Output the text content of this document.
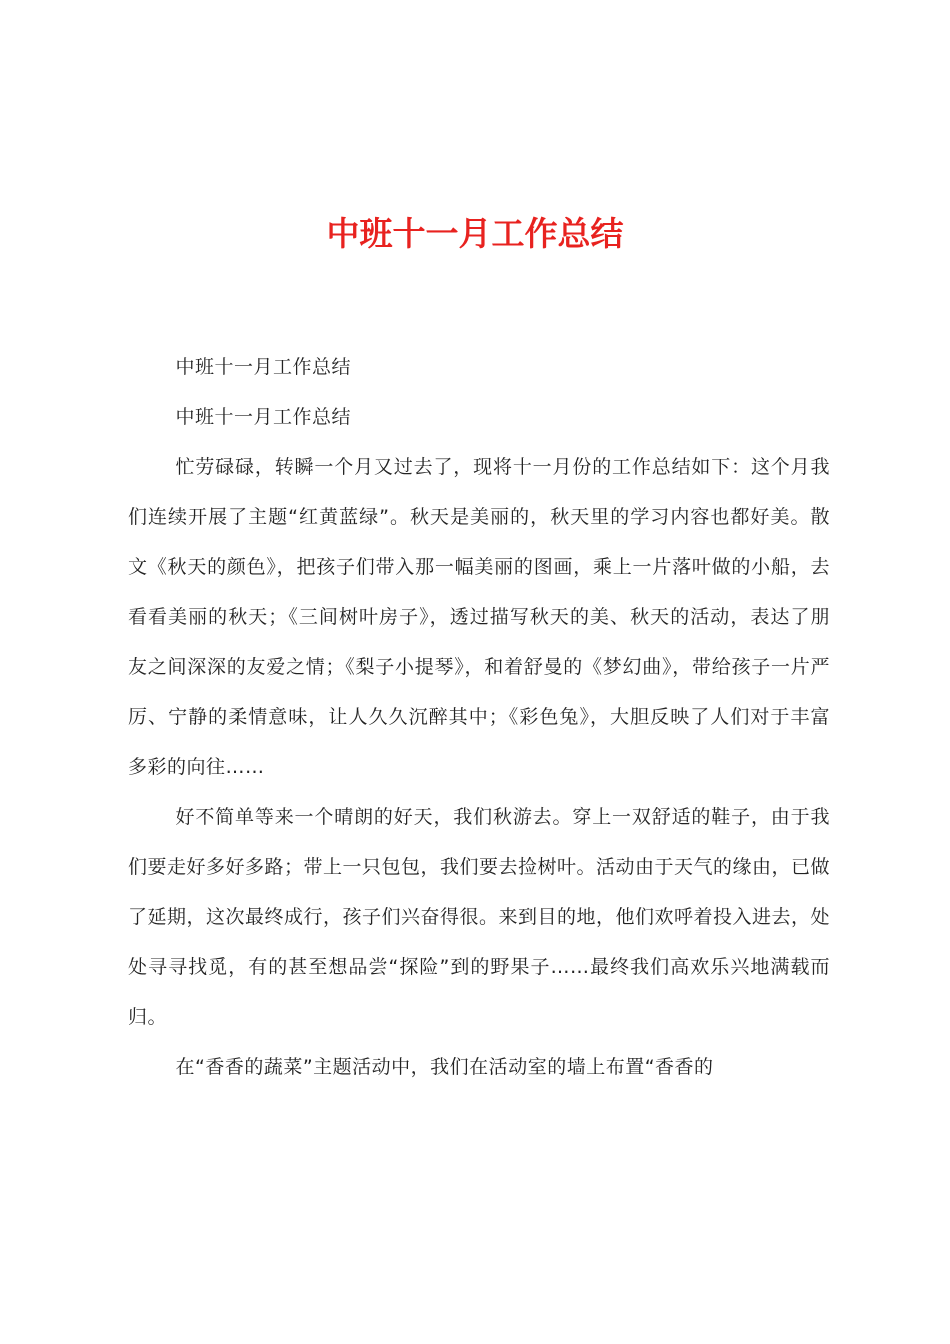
中班十一月工作总结

中班十一月工作总结

中班十一月工作总结

忙劳碌碌，转瞬一个月又过去了，现将十一月份的工作总结如下：这个月我们连续开展了主题“红黄蓝绿”。秋天是美丽的，秋天里的学习内容也都好美。散文《秋天的颜色》，把孩子们带入那一幅美丽的图画，乘上一片落叶做的小船，去看看美丽的秋天；《三间树叶房子》，透过描写秋天的美、秋天的活动，表达了朋友之间深深的友爱之情；《梨子小提琴》，和着舒曼的《梦幻曲》，带给孩子一片严厉、宁静的柔情意味，让人久久沉醉其中；《彩色兔》，大胆反映了人们对于丰富多彩的向往……

好不简单等来一个晴朗的好天，我们秋游去。穿上一双舒适的鞋子，由于我们要走好多好多路；带上一只包包，我们要去捡树叶。活动由于天气的缘由，已做了延期，这次最终成行，孩子们兴奋得很。来到目的地，他们欢呼着投入进去，处处寻寻找觅，有的甚至想品尝“探险”到的野果子……最终我们高欢乐兴地满载而归。

在“香香的蔬菜”主题活动中，我们在活动室的墙上布置“香香的
